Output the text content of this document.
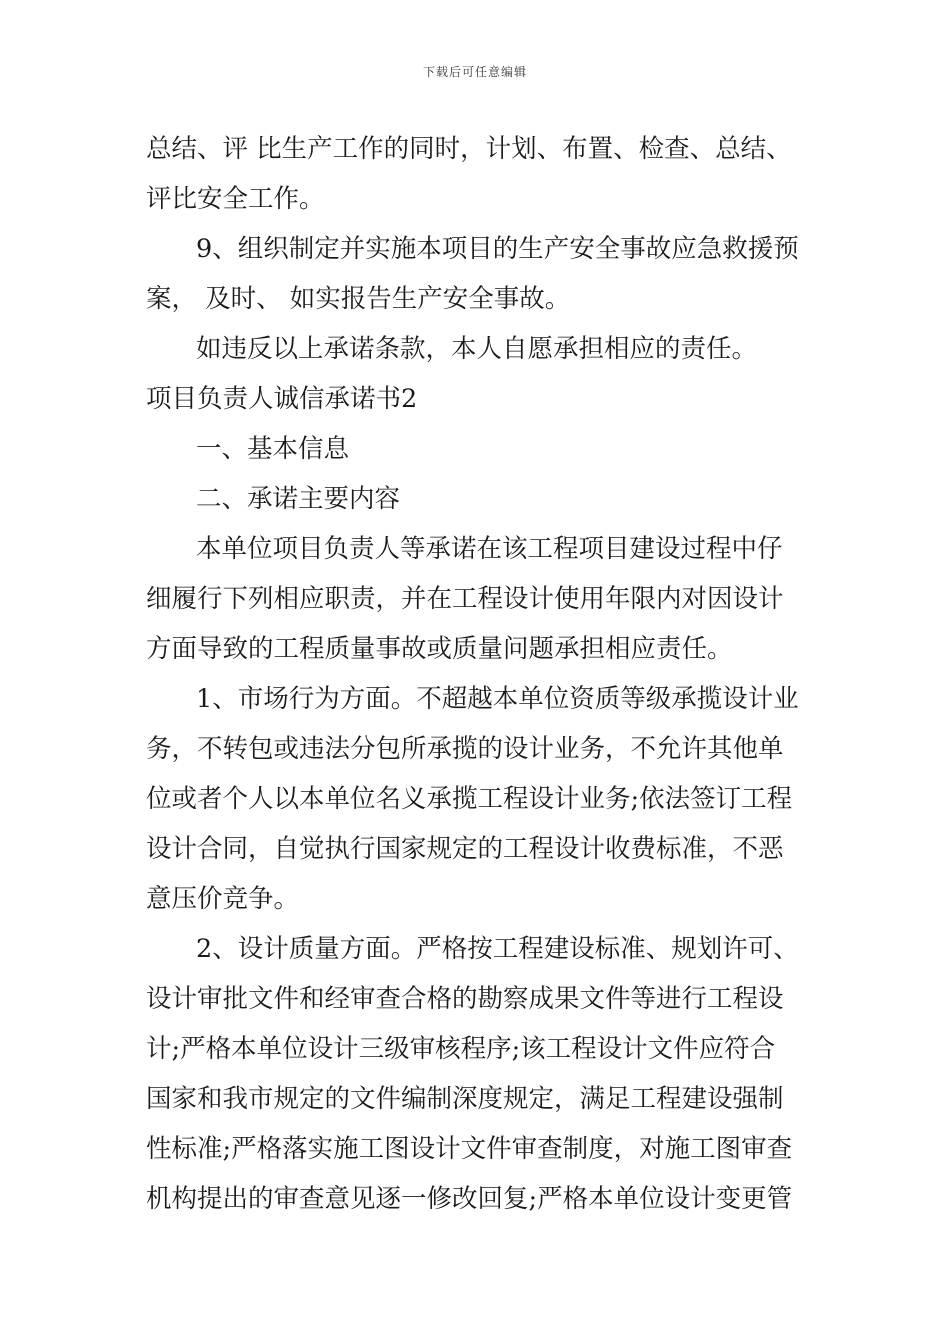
下载后可任意编辑
总结、评 比生产工作的同时，计划、布置、检查、总结、
评比安全工作。
9、组织制定并实施本项目的生产安全事故应急救援预
案， 及时、 如实报告生产安全事故。
如违反以上承诺条款，本人自愿承担相应的责任。
项目负责人诚信承诺书2
一、基本信息
二、承诺主要内容
本单位项目负责人等承诺在该工程项目建设过程中仔
细履行下列相应职责，并在工程设计使用年限内对因设计
方面导致的工程质量事故或质量问题承担相应责任。
1、市场行为方面。不超越本单位资质等级承揽设计业
务，不转包或违法分包所承揽的设计业务，不允许其他单
位或者个人以本单位名义承揽工程设计业务;依法签订工程
设计合同，自觉执行国家规定的工程设计收费标准，不恶
意压价竞争。
2、设计质量方面。严格按工程建设标准、规划许可、
设计审批文件和经审查合格的勘察成果文件等进行工程设
计;严格本单位设计三级审核程序;该工程设计文件应符合
国家和我市规定的文件编制深度规定，满足工程建设强制
性标准;严格落实施工图设计文件审查制度，对施工图审查
机构提出的审查意见逐一修改回复;严格本单位设计变更管
